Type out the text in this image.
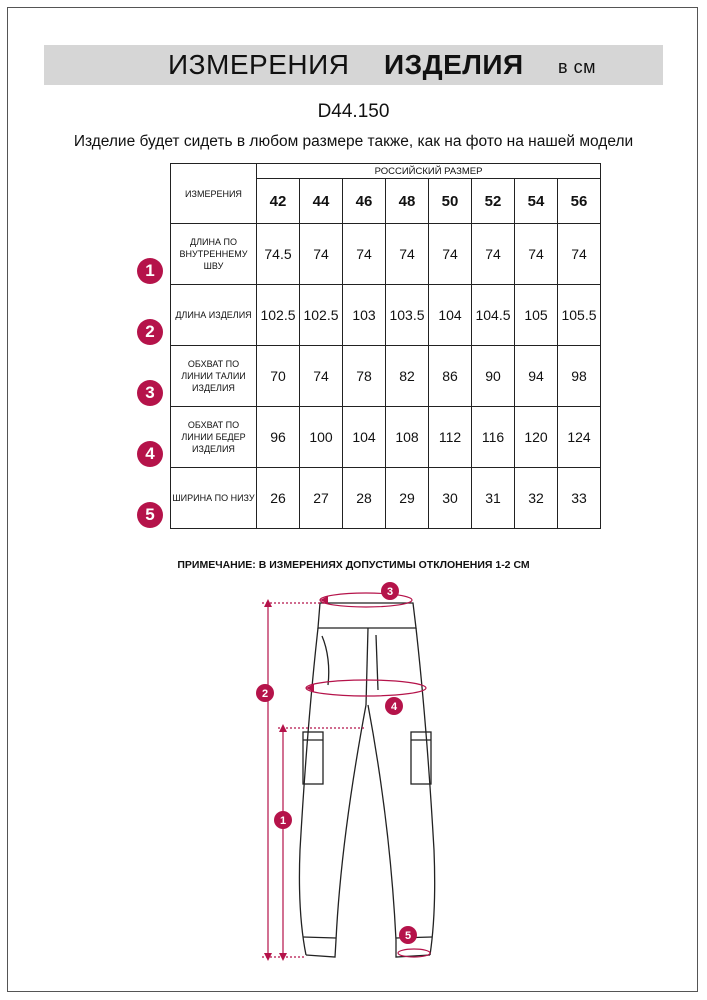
ИЗМЕРЕНИЯ ИЗДЕЛИЯ в см
D44.150
Изделие будет сидеть в любом размере также, как на фото на нашей модели
ИЗМЕРЕНИЯ	РОССИЙСКИЙ РАЗМЕР							
	42	44	46	48	50	52	54	56
ДЛИНА ПО ВНУТРЕННЕМУ ШВУ	74.5	74	74	74	74	74	74	74
ДЛИНА ИЗДЕЛИЯ	102.5	102.5	103	103.5	104	104.5	105	105.5
ОБХВАТ ПО ЛИНИИ ТАЛИИ ИЗДЕЛИЯ	70	74	78	82	86	90	94	98
ОБХВАТ ПО ЛИНИИ БЕДЕР ИЗДЕЛИЯ	96	100	104	108	112	116	120	124
ШИРИНА ПО НИЗУ	26	27	28	29	30	31	32	33
1
2
3
4
5
ПРИМЕЧАНИЕ: В ИЗМЕРЕНИЯХ ДОПУСТИМЫ ОТКЛОНЕНИЯ 1-2 СМ
1
2
3
4
5
